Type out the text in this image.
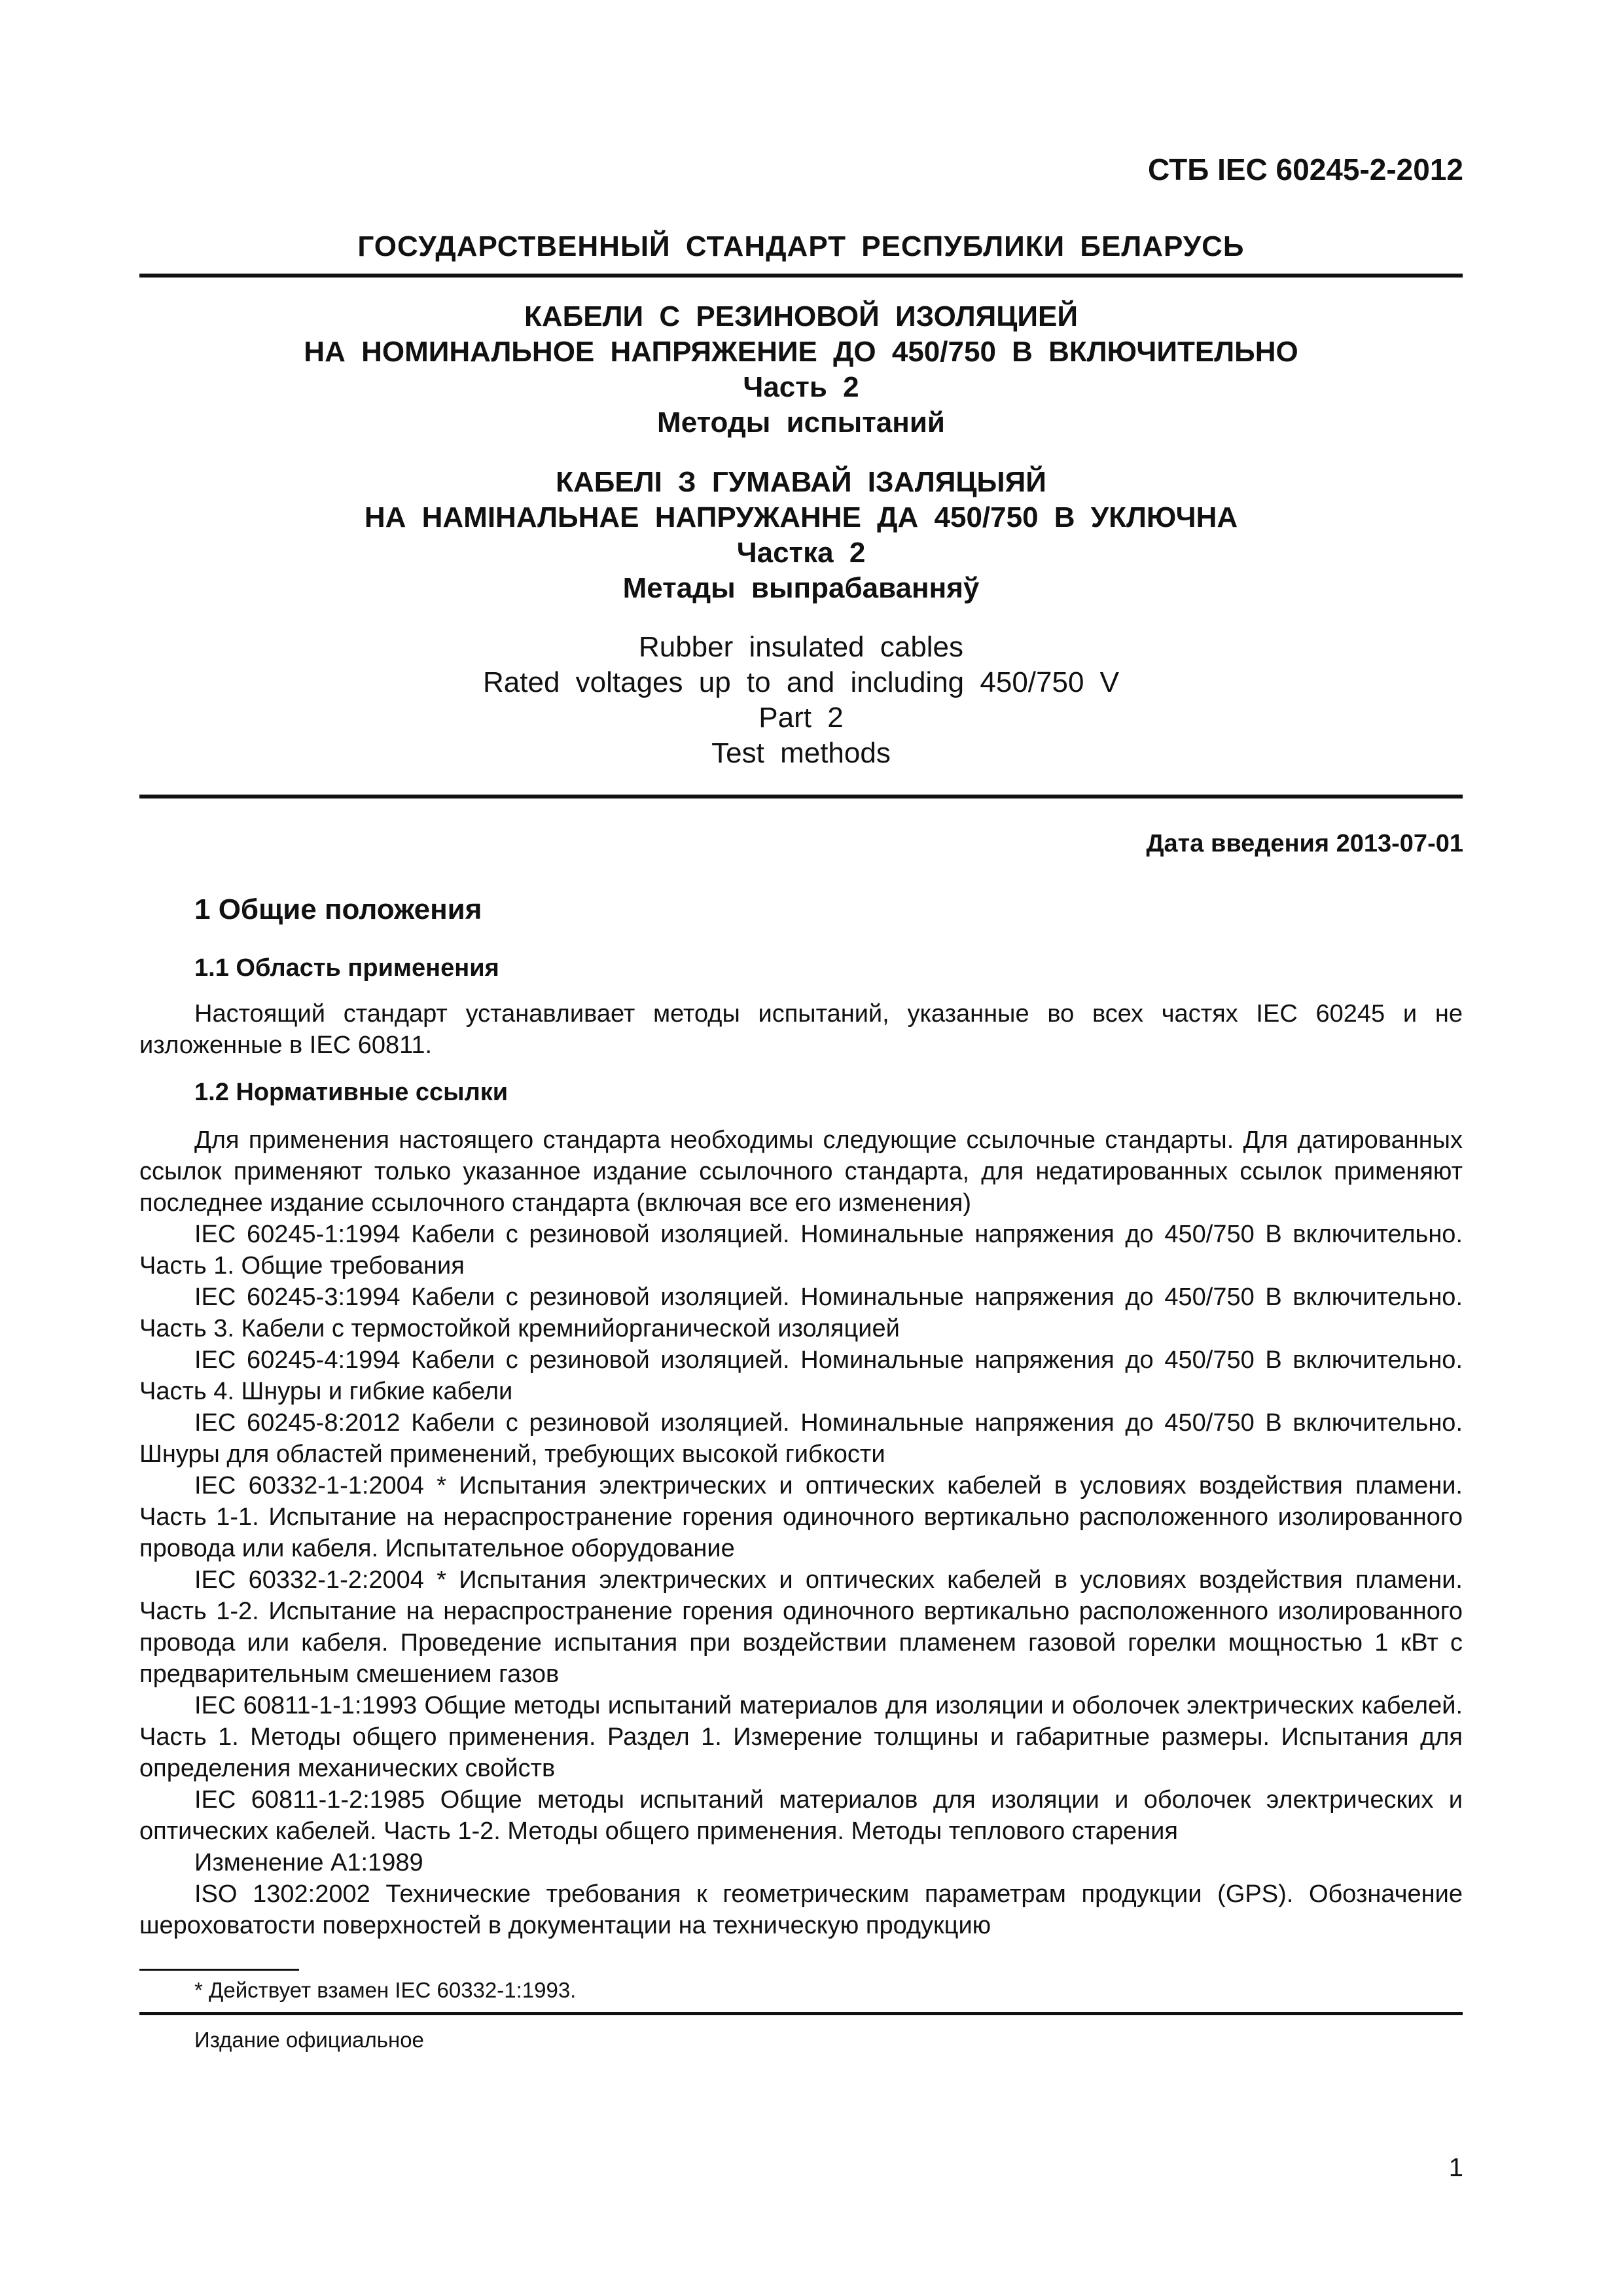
СТБ IEC 60245-2-2012

ГОСУДАРСТВЕННЫЙ СТАНДАРТ РЕСПУБЛИКИ БЕЛАРУСЬ

КАБЕЛИ С РЕЗИНОВОЙ ИЗОЛЯЦИЕЙ

НА НОМИНАЛЬНОЕ НАПРЯЖЕНИЕ ДО 450/750 В ВКЛЮЧИТЕЛЬНО

Часть 2

Методы испытаний

КАБЕЛІ З ГУМАВАЙ ІЗАЛЯЦЫЯЙ

НА НАМІНАЛЬНАЕ НАПРУЖАННЕ ДА 450/750 В УКЛЮЧНА

Частка 2

Метады выпрабаванняў

Rubber insulated cables

Rated voltages up to and including 450/750 V

Part 2

Test methods

Дата введения 2013-07-01

1 Общие положения

1.1 Область применения

Настоящий стандарт устанавливает методы испытаний, указанные во всех частях IEC 60245 и не изложенные в IEC 60811.

1.2 Нормативные ссылки

Для применения настоящего стандарта необходимы следующие ссылочные стандарты. Для датированных ссылок применяют только указанное издание ссылочного стандарта, для недатированных ссылок применяют последнее издание ссылочного стандарта (включая все его изменения)

IEC 60245-1:1994 Кабели с резиновой изоляцией. Номинальные напряжения до 450/750 В включительно. Часть 1. Общие требования

IEC 60245-3:1994 Кабели с резиновой изоляцией. Номинальные напряжения до 450/750 В включительно. Часть 3. Кабели с термостойкой кремнийорганической изоляцией

IEC 60245-4:1994 Кабели с резиновой изоляцией. Номинальные напряжения до 450/750 В включительно. Часть 4. Шнуры и гибкие кабели

IEC 60245-8:2012 Кабели с резиновой изоляцией. Номинальные напряжения до 450/750 В включительно. Шнуры для областей применений, требующих высокой гибкости

IEC 60332-1-1:2004 * Испытания электрических и оптических кабелей в условиях воздействия пламени. Часть 1-1. Испытание на нераспространение горения одиночного вертикально расположенного изолированного провода или кабеля. Испытательное оборудование

IEC 60332-1-2:2004 * Испытания электрических и оптических кабелей в условиях воздействия пламени. Часть 1-2. Испытание на нераспространение горения одиночного вертикально расположенного изолированного провода или кабеля. Проведение испытания при воздействии пламенем газовой горелки мощностью 1 кВт с предварительным смешением газов

IEC 60811-1-1:1993 Общие методы испытаний материалов для изоляции и оболочек электрических кабелей. Часть 1. Методы общего применения. Раздел 1. Измерение толщины и габаритные размеры. Испытания для определения механических свойств

IEC 60811-1-2:1985 Общие методы испытаний материалов для изоляции и оболочек электрических и оптических кабелей. Часть 1-2. Методы общего применения. Методы теплового старения

Изменение А1:1989

ISO 1302:2002 Технические требования к геометрическим параметрам продукции (GPS). Обозначение шероховатости поверхностей в документации на техническую продукцию

* Действует взамен IEC 60332-1:1993.

Издание официальное

1
